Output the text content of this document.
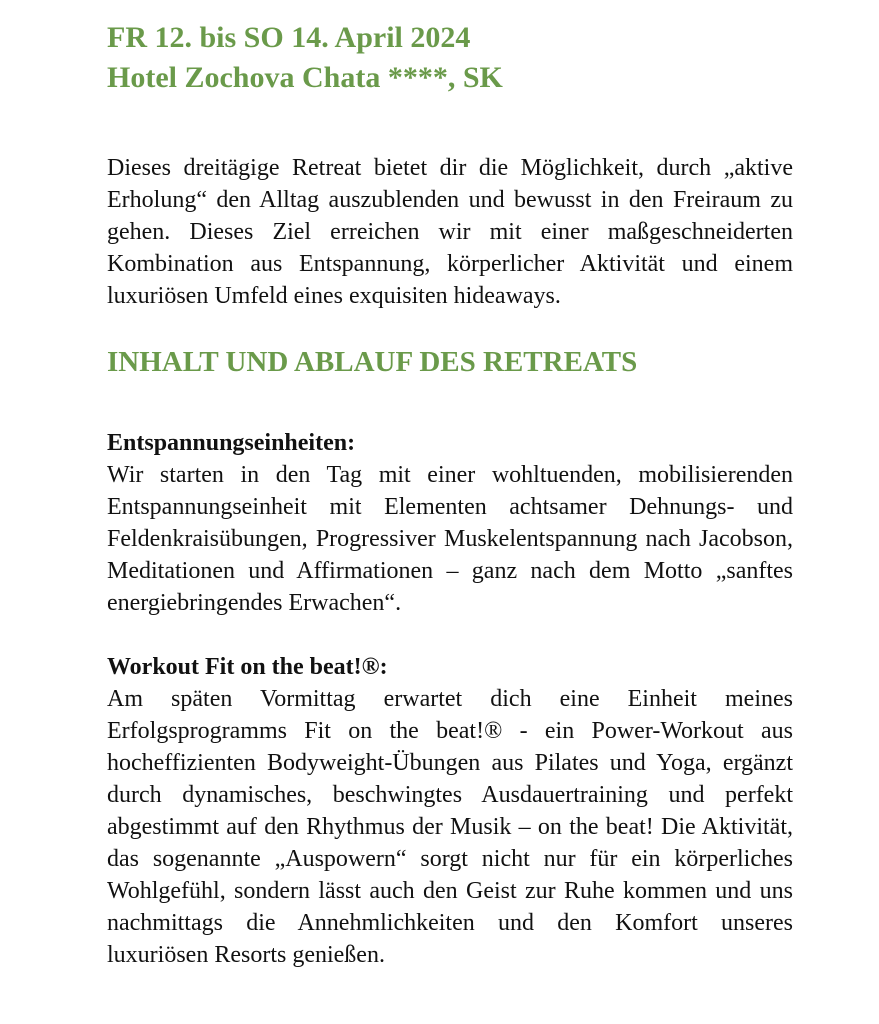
FR 12. bis SO 14. April 2024
Hotel Zochova Chata ****, SK

Dieses dreitägige Retreat bietet dir die Möglichkeit, durch „aktive Erholung“ den Alltag auszublenden und bewusst in den Freiraum zu gehen. Dieses Ziel erreichen wir mit einer maßgeschneiderten Kombination aus Entspannung, körperlicher Aktivität und einem luxuriösen Umfeld eines exquisiten hideaways.

INHALT UND ABLAUF DES RETREATS
Entspannungseinheiten:

Wir starten in den Tag mit einer wohltuenden, mobilisierenden Entspannungseinheit mit Elementen achtsamer Dehnungs- und Feldenkraisübungen, Progressiver Muskelentspannung nach Jacobson, Meditationen und Affirmationen – ganz nach dem Motto „sanftes energiebringendes Erwachen“.

Workout Fit on the beat!®:

Am späten Vormittag erwartet dich eine Einheit meines Erfolgsprogramms Fit on the beat!® - ein Power-Workout aus hocheffizienten Bodyweight-Übungen aus Pilates und Yoga, ergänzt durch dynamisches, beschwingtes Ausdauertraining und perfekt abgestimmt auf den Rhythmus der Musik – on the beat! Die Aktivität, das sogenannte „Auspowern“ sorgt nicht nur für ein körperliches Wohlgefühl, sondern lässt auch den Geist zur Ruhe kommen und uns nachmittags die Annehmlichkeiten und den Komfort unseres luxuriösen Resorts genießen.
